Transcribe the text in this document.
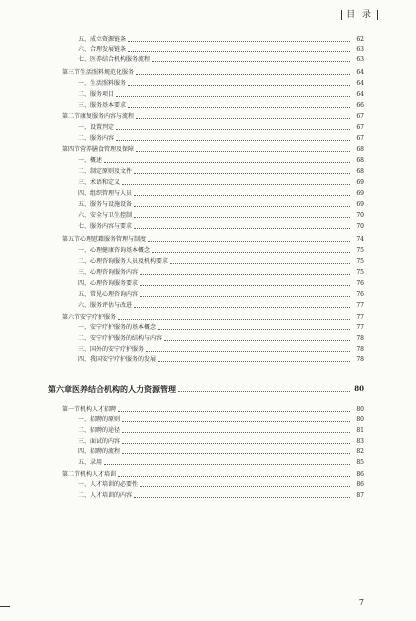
目 录
五、成立资源链条	62
六、合理发展链条	63
七、医养结合机构服务流程	63
第三节生活照料规范化服务	64
一、生活照料服务	64
二、服务项目	64
三、服务基本要求	66
第二节康复服务内容与流程	67
一、设置判定	67
二、服务内容	67
第四节营养膳食管理及保障	68
一、概述	68
二、制定原则及文件	68
三、术语和定义	69
四、组织管理与人员	69
五、服务与设施设备	69
六、安全与卫生控制	70
七、服务内容与要求	70
第五节心理慰藉服务管理与制度	74
一、心理健康咨询基本概念	75
二、心理咨询服务人员及机构要求	75
三、心理咨询服务内容	75
四、心理咨询服务要求	76
五、常见心理咨询内容	76
六、服务评估与改进	77
第六节安宁疗护服务	77
一、安宁疗护服务的基本概念	77
二、安宁疗护服务的结构与内容	78
三、国外的安宁疗护服务	78
四、我国安宁疗护服务的发展	78
第六章医养结合机构的人力资源管理	80
第一节机构人才招聘	80
一、招聘的原则	80
二、招聘的途径	81
三、面试的内容	83
四、招聘的流程	82
五、录用	85
第二节机构人才培训	86
一、人才培训的必要性	86
二、人才培训的内容	87
7
